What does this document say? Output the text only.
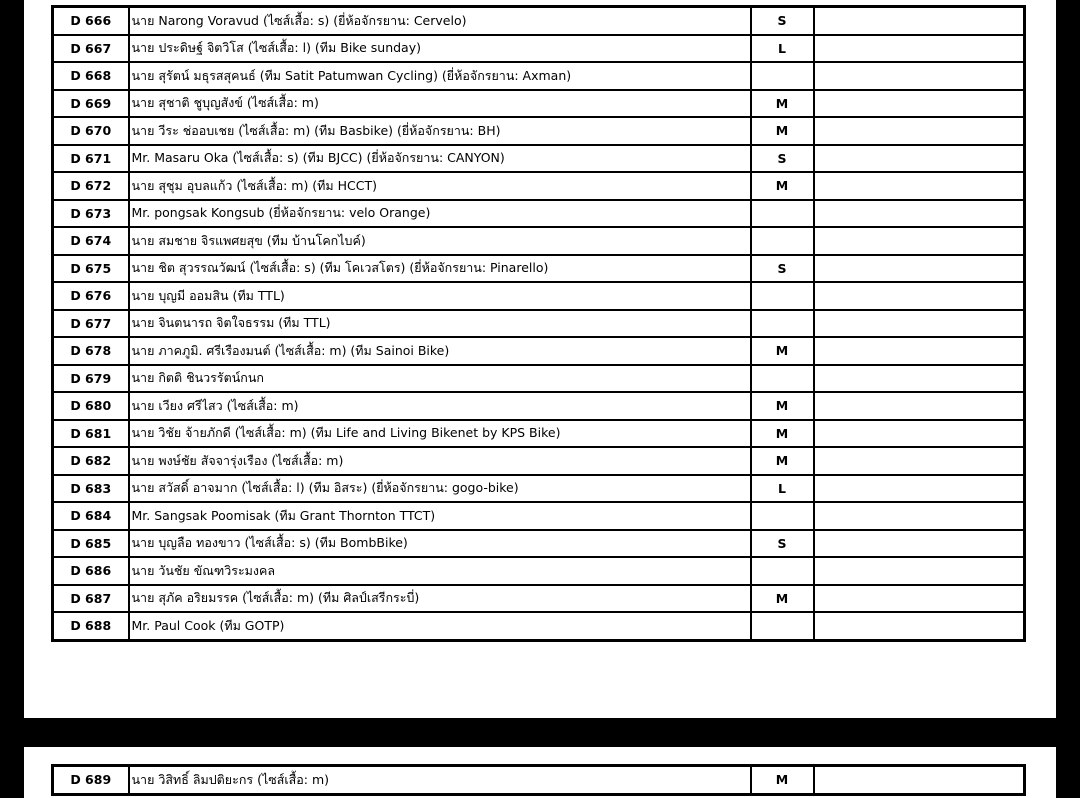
D 666	นาย Narong Voravud (ไซส์เสื้อ: s) (ยี่ห้อจักรยาน: Cervelo)	S	
D 667	นาย ประดิษฐ์ จิตวิโส (ไซส์เสื้อ: l) (ทีม Bike sunday)	L	
D 668	นาย สุรัตน์ มธุรสสุคนธ์ (ทีม Satit Patumwan Cycling) (ยี่ห้อจักรยาน: Axman)		
D 669	นาย สุชาติ ชูบุญสังข์ (ไซส์เสื้อ: m)	M	
D 670	นาย วีระ ช่ออบเชย (ไซส์เสื้อ: m) (ทีม Basbike) (ยี่ห้อจักรยาน: BH)	M	
D 671	Mr. Masaru Oka (ไซส์เสื้อ: s) (ทีม BJCC) (ยี่ห้อจักรยาน: CANYON)	S	
D 672	นาย สุชุม อุบลแก้ว (ไซส์เสื้อ: m) (ทีม HCCT)	M	
D 673	Mr. pongsak Kongsub (ยี่ห้อจักรยาน: velo Orange)		
D 674	นาย สมชาย จิรแพศยสุข (ทีม บ้านโคกไบค์)		
D 675	นาย ชิต สุวรรณวัฒน์ (ไซส์เสื้อ: s) (ทีม โคเวสโตร) (ยี่ห้อจักรยาน: Pinarello)	S	
D 676	นาย บุญมี ออมสิน (ทีม TTL)		
D 677	นาย จินตนารถ จิตใจธรรม (ทีม TTL)		
D 678	นาย ภาคภูมิ. ศรีเรืองมนต์ (ไซส์เสื้อ: m) (ทีม Sainoi Bike)	M	
D 679	นาย กิตติ ชินวรรัตน์กนก		
D 680	นาย เวียง ศรีไสว (ไซส์เสื้อ: m)	M	
D 681	นาย วิชัย จ้ายภักดี (ไซส์เสื้อ: m) (ทีม Life and Living Bikenet by KPS Bike)	M	
D 682	นาย พงษ์ชัย สัจจารุ่งเรือง (ไซส์เสื้อ: m)	M	
D 683	นาย สวัสดิ์ อาจมาก (ไซส์เสื้อ: l) (ทีม อิสระ) (ยี่ห้อจักรยาน: gogo-bike)	L	
D 684	Mr. Sangsak Poomisak (ทีม Grant Thornton TTCT)		
D 685	นาย บุญลือ ทองขาว (ไซส์เสื้อ: s) (ทีม BombBike)	S	
D 686	นาย วันชัย ขัณฑวิระมงคล		
D 687	นาย สุภัค อริยมรรค (ไซส์เสื้อ: m) (ทีม ศิลป์เสรีกระบี่)	M	
D 688	Mr. Paul Cook (ทีม GOTP)		
D 689	นาย วิสิทธิ์ ลิมปติยะกร (ไซส์เสื้อ: m)	M	
